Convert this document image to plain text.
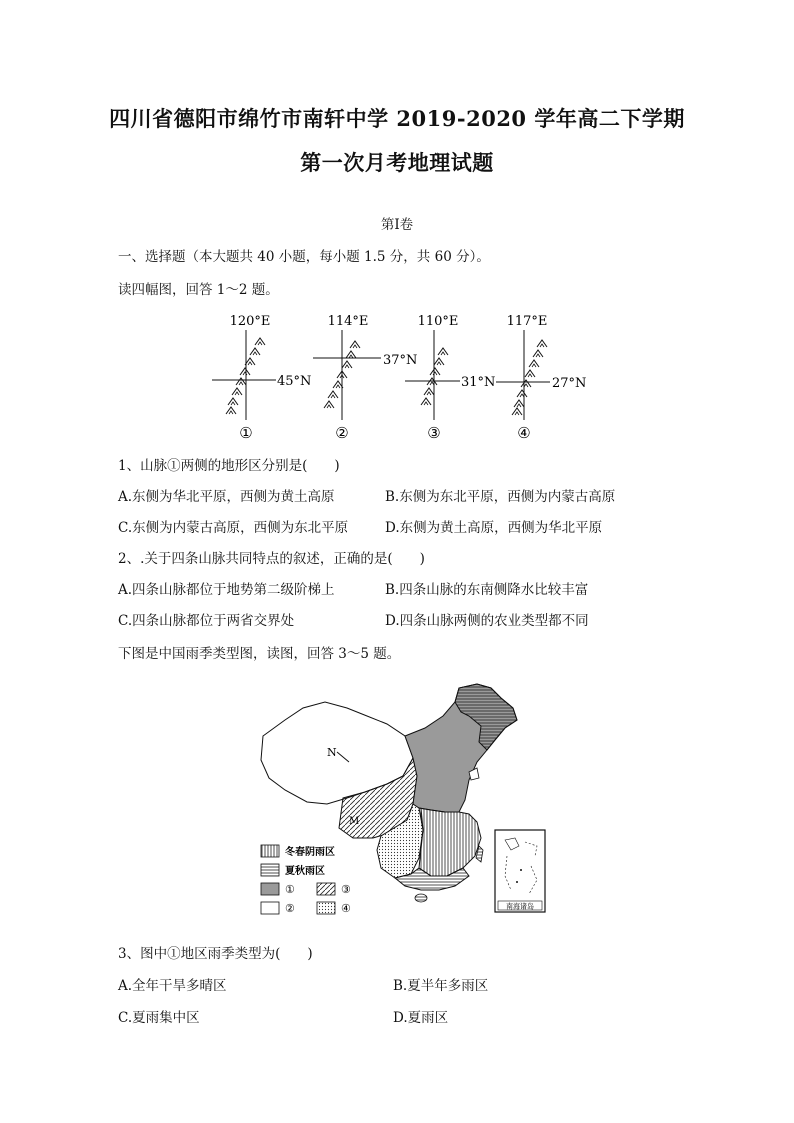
四川省德阳市绵竹市南轩中学 2019-2020 学年高二下学期
第一次月考地理试题
第Ⅰ卷
一、选择题（本大题共 40 小题，每小题 1.5 分，共 60 分）。
读四幅图，回答 1～2 题。
120°E
45°N
①
114°E
37°N
②
110°E
31°N
③
117°E
27°N
④
1、山脉①两侧的地形区分别是(　　)
A.东侧为华北平原，西侧为黄土高原	B.东侧为东北平原，西侧为内蒙古高原
C.东侧为内蒙古高原，西侧为东北平原	D.东侧为黄土高原，西侧为华北平原
2、.关于四条山脉共同特点的叙述，正确的是(　　)
A.四条山脉都位于地势第二级阶梯上	B.四条山脉的东南侧降水比较丰富
C.四条山脉都位于两省交界处	D.四条山脉两侧的农业类型都不同
下图是中国雨季类型图，读图，回答 3～5 题。
N
M
南海诸岛
冬春阴雨区
夏秋雨区
①	③
②	④
3、图中①地区雨季类型为(　　)
A.全年干旱多晴区	B.夏半年多雨区
C.夏雨集中区	D.夏雨区
